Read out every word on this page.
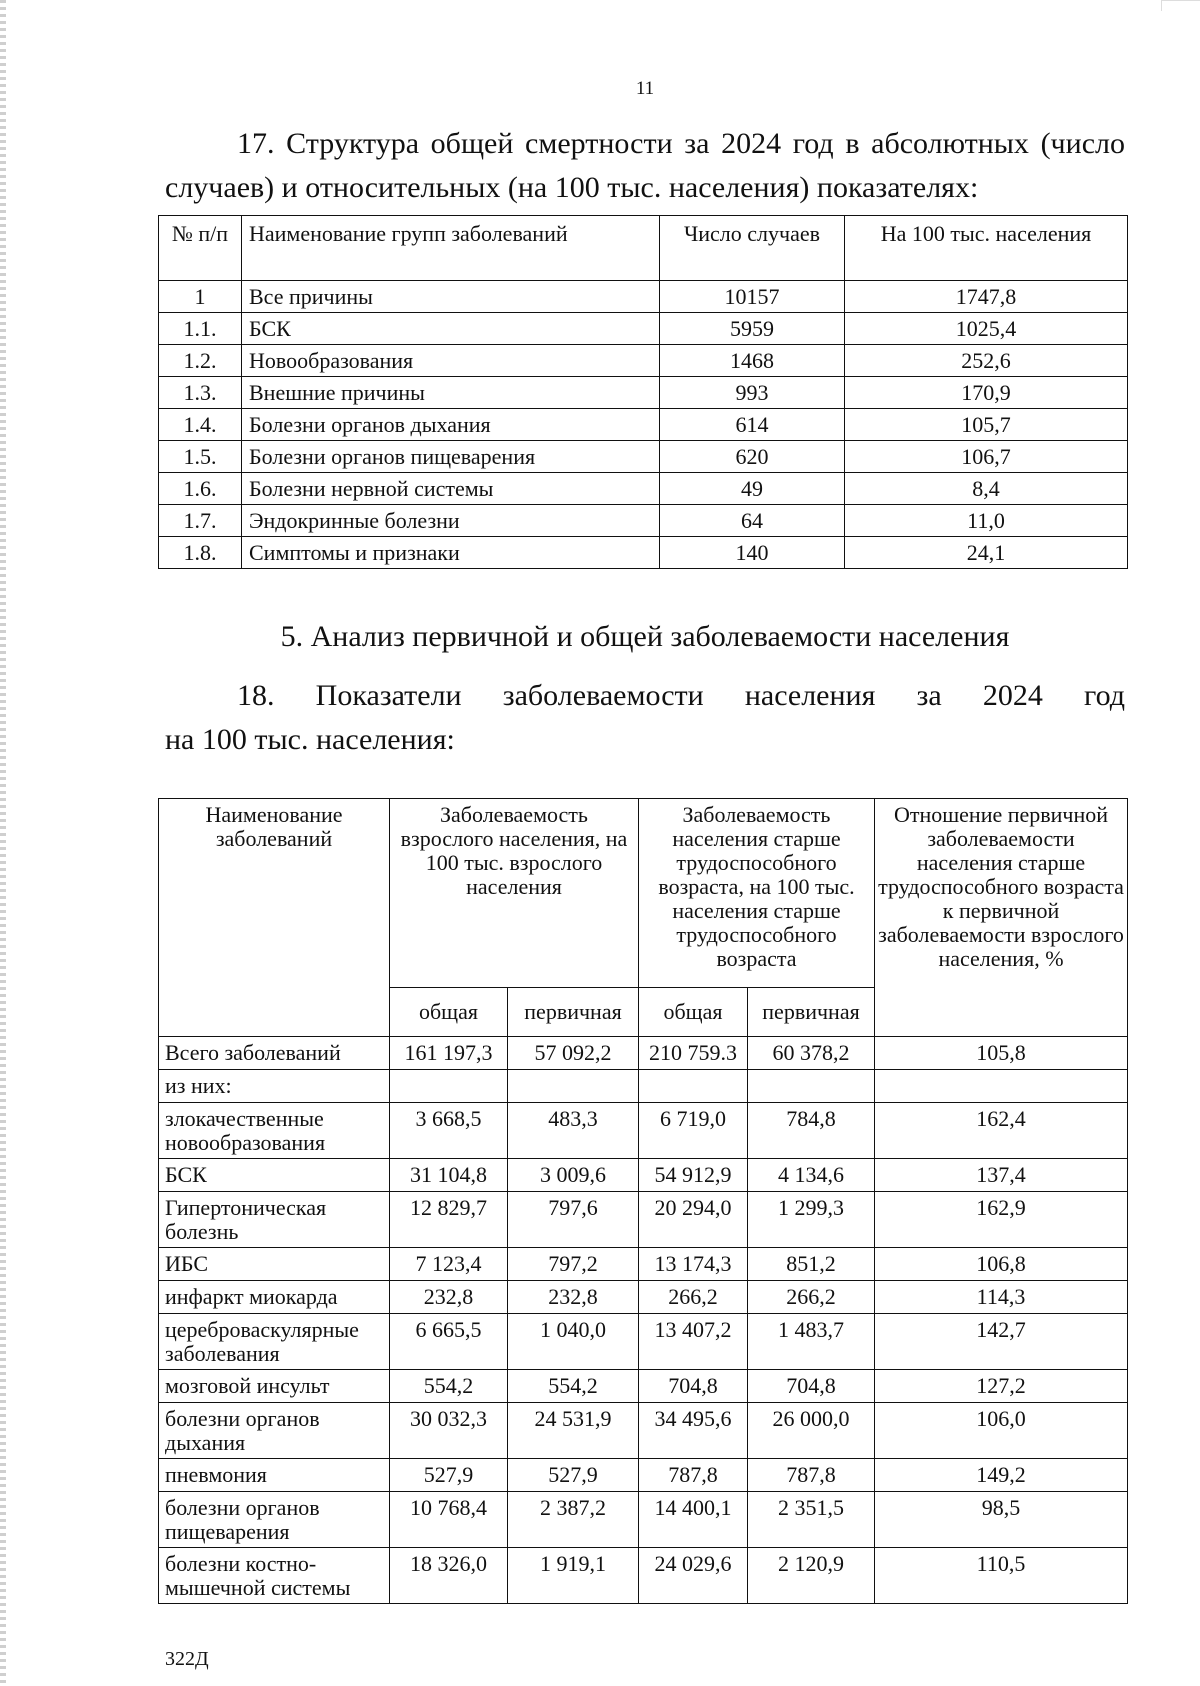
11

17. Структура общей смертности за 2024 год в абсолютных (число случаев) и относительных (на 100 тыс. населения) показателях:

№ п/п	Наименование групп заболеваний	Число случаев	На 100 тыс. населения
1	Все причины	10157	1747,8
1.1.	БСК	5959	1025,4
1.2.	Новообразования	1468	252,6
1.3.	Внешние причины	993	170,9
1.4.	Болезни органов дыхания	614	105,7
1.5.	Болезни органов пищеварения	620	106,7
1.6.	Болезни нервной системы	49	8,4
1.7.	Эндокринные болезни	64	11,0
1.8.	Симптомы и признаки	140	24,1
5. Анализ первичной и общей заболеваемости населения

18. Показатели заболеваемости населения за 2024 год
на 100 тыс. населения:

Наименование заболеваний	Заболеваемость взрослого населения, на 100 тыс. взрослого населения		Заболеваемость населения старше трудоспособного возраста, на 100 тыс. населения старше трудоспособного возраста		Отношение первичной заболеваемости населения старше трудоспособного возраста к первичной заболеваемости взрослого населения, %
	общая	первичная	общая	первичная	
Всего заболеваний	161 197,3	57 092,2	210 759.3	60 378,2	105,8
из них:					
злокачественные новообразования	3 668,5	483,3	6 719,0	784,8	162,4
БСК	31 104,8	3 009,6	54 912,9	4 134,6	137,4
Гипертоническая болезнь	12 829,7	797,6	20 294,0	1 299,3	162,9
ИБС	7 123,4	797,2	13 174,3	851,2	106,8
инфаркт миокарда	232,8	232,8	266,2	266,2	114,3
цереброваскулярные заболевания	6 665,5	1 040,0	13 407,2	1 483,7	142,7
мозговой инсульт	554,2	554,2	704,8	704,8	127,2
болезни органов дыхания	30 032,3	24 531,9	34 495,6	26 000,0	106,0
пневмония	527,9	527,9	787,8	787,8	149,2
болезни органов пищеварения	10 768,4	2 387,2	14 400,1	2 351,5	98,5
болезни костно-мышечной системы	18 326,0	1 919,1	24 029,6	2 120,9	110,5
322Д
